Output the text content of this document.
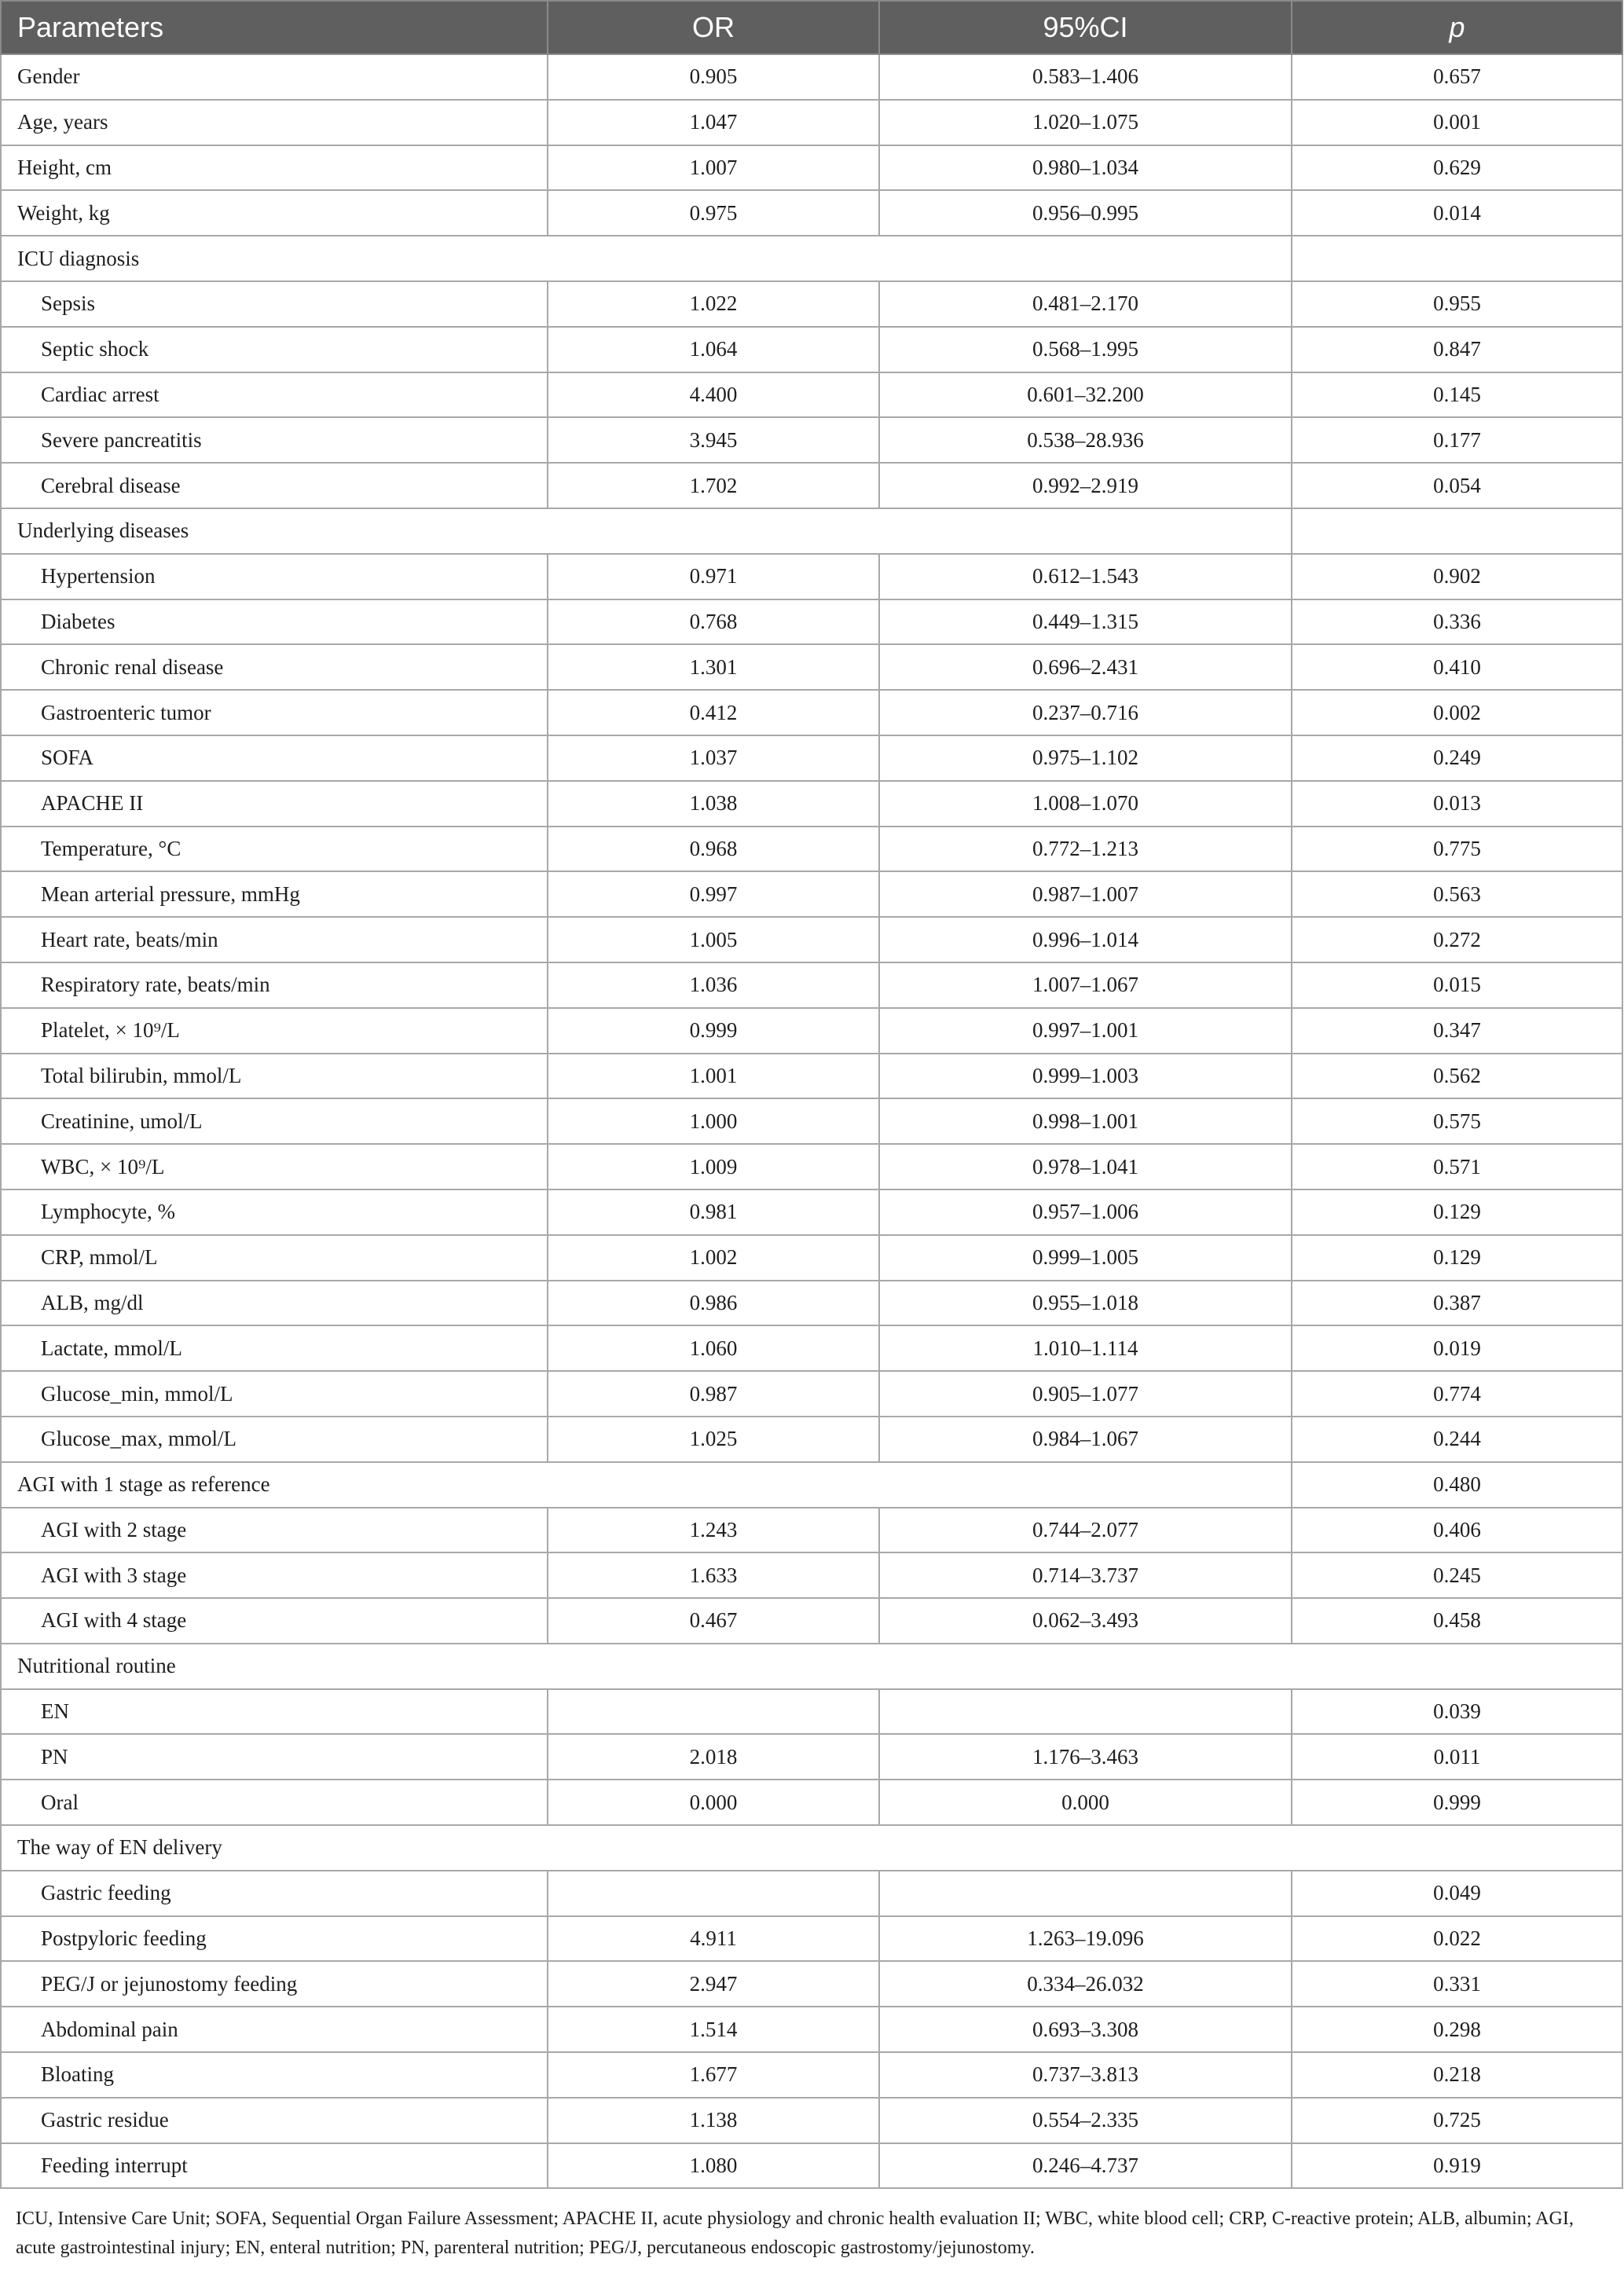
Parameters	OR	95%CI	p
Gender	0.905	0.583–1.406	0.657
Age, years	1.047	1.020–1.075	0.001
Height, cm	1.007	0.980–1.034	0.629
Weight, kg	0.975	0.956–0.995	0.014
ICU diagnosis			
Sepsis	1.022	0.481–2.170	0.955
Septic shock	1.064	0.568–1.995	0.847
Cardiac arrest	4.400	0.601–32.200	0.145
Severe pancreatitis	3.945	0.538–28.936	0.177
Cerebral disease	1.702	0.992–2.919	0.054
Underlying diseases			
Hypertension	0.971	0.612–1.543	0.902
Diabetes	0.768	0.449–1.315	0.336
Chronic renal disease	1.301	0.696–2.431	0.410
Gastroenteric tumor	0.412	0.237–0.716	0.002
SOFA	1.037	0.975–1.102	0.249
APACHE II	1.038	1.008–1.070	0.013
Temperature, °C	0.968	0.772–1.213	0.775
Mean arterial pressure, mmHg	0.997	0.987–1.007	0.563
Heart rate, beats/min	1.005	0.996–1.014	0.272
Respiratory rate, beats/min	1.036	1.007–1.067	0.015
Platelet, × 10⁹/L	0.999	0.997–1.001	0.347
Total bilirubin, mmol/L	1.001	0.999–1.003	0.562
Creatinine, umol/L	1.000	0.998–1.001	0.575
WBC, × 10⁹/L	1.009	0.978–1.041	0.571
Lymphocyte, %	0.981	0.957–1.006	0.129
CRP, mmol/L	1.002	0.999–1.005	0.129
ALB, mg/dl	0.986	0.955–1.018	0.387
Lactate, mmol/L	1.060	1.010–1.114	0.019
Glucose_min, mmol/L	0.987	0.905–1.077	0.774
Glucose_max, mmol/L	1.025	0.984–1.067	0.244
AGI with 1 stage as reference			0.480
AGI with 2 stage	1.243	0.744–2.077	0.406
AGI with 3 stage	1.633	0.714–3.737	0.245
AGI with 4 stage	0.467	0.062–3.493	0.458
Nutritional routine			
EN			0.039
PN	2.018	1.176–3.463	0.011
Oral	0.000	0.000	0.999
The way of EN delivery			
Gastric feeding			0.049
Postpyloric feeding	4.911	1.263–19.096	0.022
PEG/J or jejunostomy feeding	2.947	0.334–26.032	0.331
Abdominal pain	1.514	0.693–3.308	0.298
Bloating	1.677	0.737–3.813	0.218
Gastric residue	1.138	0.554–2.335	0.725
Feeding interrupt	1.080	0.246–4.737	0.919
ICU, Intensive Care Unit; SOFA, Sequential Organ Failure Assessment; APACHE II, acute physiology and chronic health evaluation II; WBC, white blood cell; CRP, C-reactive protein; ALB, albumin; AGI, acute gastrointestinal injury; EN, enteral nutrition; PN, parenteral nutrition; PEG/J, percutaneous endoscopic gastrostomy/jejunostomy.
